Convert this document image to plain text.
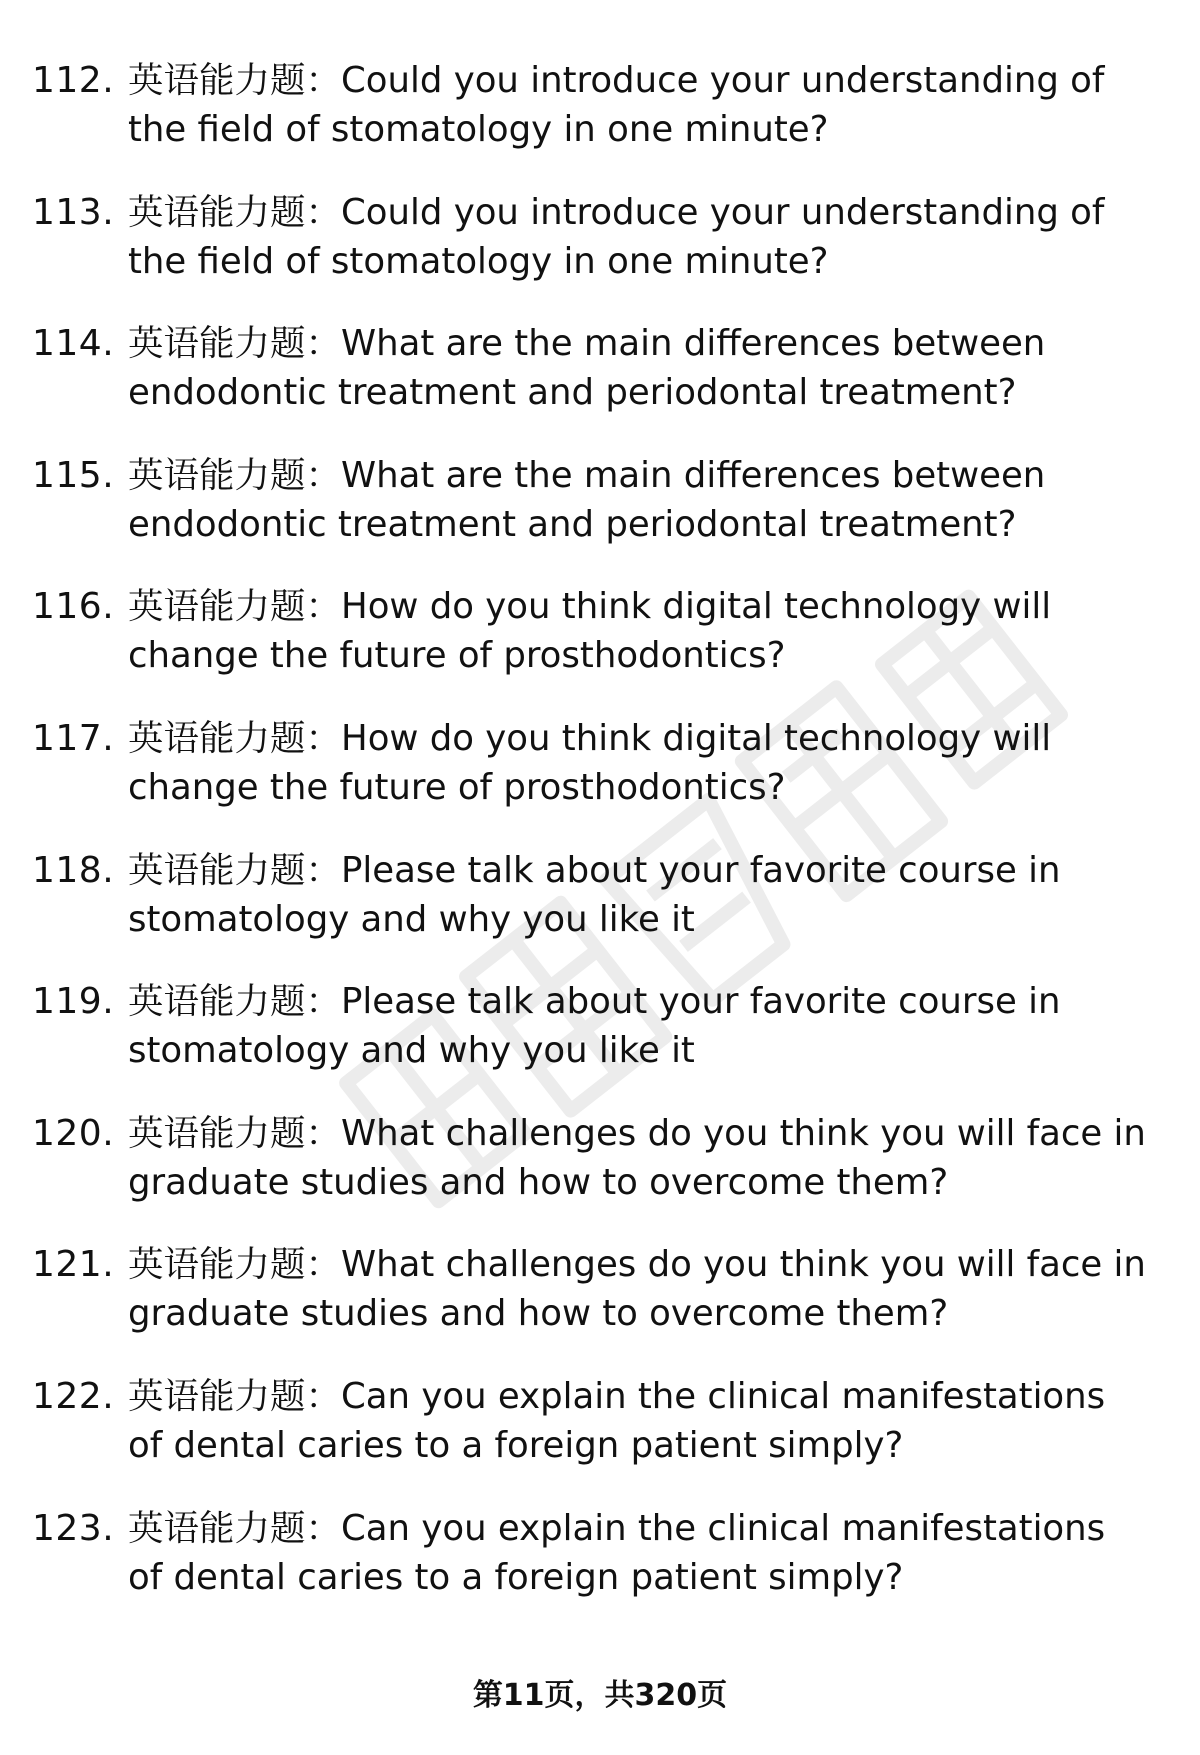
112. 英语能力题：Could you introduce your understanding of the field of stomatology in one minute?
113. 英语能力题：Could you introduce your understanding of the field of stomatology in one minute?
114. 英语能力题：What are the main differences between endodontic treatment and periodontal treatment?
115. 英语能力题：What are the main differences between endodontic treatment and periodontal treatment?
116. 英语能力题：How do you think digital technology will change the future of prosthodontics?
117. 英语能力题：How do you think digital technology will change the future of prosthodontics?
118. 英语能力题：Please talk about your favorite course in stomatology and why you like it
119. 英语能力题：Please talk about your favorite course in stomatology and why you like it
120. 英语能力题：What challenges do you think you will face in graduate studies and how to overcome them?
121. 英语能力题：What challenges do you think you will face in graduate studies and how to overcome them?
122. 英语能力题：Can you explain the clinical manifestations of dental caries to a foreign patient simply?
123. 英语能力题：Can you explain the clinical manifestations of dental caries to a foreign patient simply?
第11页，共320页
